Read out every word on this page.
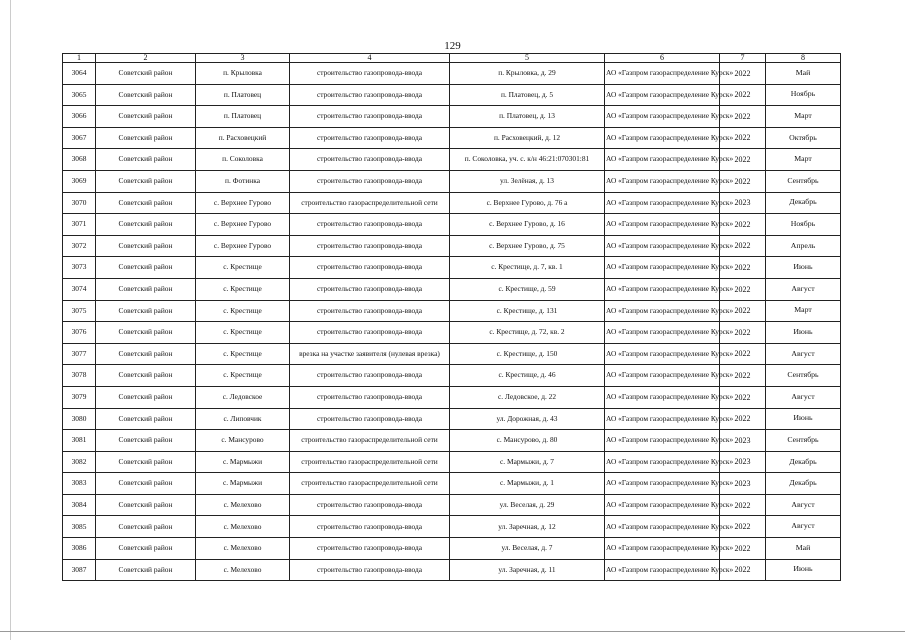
129
1	2	3	4	5	6	7	8
3064	Советский район	п. Крыловка	строительство газопровода-ввода	п. Крыловка, д. 29	АО «Газпром газораспределение Курск»	2022	Май
3065	Советский район	п. Платовец	строительство газопровода-ввода	п. Платовец, д. 5	АО «Газпром газораспределение Курск»	2022	Ноябрь
3066	Советский район	п. Платовец	строительство газопровода-ввода	п. Платовец, д. 13	АО «Газпром газораспределение Курск»	2022	Март
3067	Советский район	п. Расховецкий	строительство газопровода-ввода	п. Расховецкий, д. 12	АО «Газпром газораспределение Курск»	2022	Октябрь
3068	Советский район	п. Соколовка	строительство газопровода-ввода	п. Соколовка, уч. с. к/н 46:21:070301:81	АО «Газпром газораспределение Курск»	2022	Март
3069	Советский район	п. Фотинка	строительство газопровода-ввода	ул. Зелёная, д. 13	АО «Газпром газораспределение Курск»	2022	Сентябрь
3070	Советский район	с. Верхнее Гурово	строительство газораспределительной сети	с. Верхнее Гурово, д. 76 а	АО «Газпром газораспределение Курск»	2023	Декабрь
3071	Советский район	с. Верхнее Гурово	строительство газопровода-ввода	с. Верхнее Гурово, д. 16	АО «Газпром газораспределение Курск»	2022	Ноябрь
3072	Советский район	с. Верхнее Гурово	строительство газопровода-ввода	с. Верхнее Гурово, д. 75	АО «Газпром газораспределение Курск»	2022	Апрель
3073	Советский район	с. Крестище	строительство газопровода-ввода	с. Крестище, д. 7, кв. 1	АО «Газпром газораспределение Курск»	2022	Июнь
3074	Советский район	с. Крестище	строительство газопровода-ввода	с. Крестище, д. 59	АО «Газпром газораспределение Курск»	2022	Август
3075	Советский район	с. Крестище	строительство газопровода-ввода	с. Крестище, д. 131	АО «Газпром газораспределение Курск»	2022	Март
3076	Советский район	с. Крестище	строительство газопровода-ввода	с. Крестище, д. 72, кв. 2	АО «Газпром газораспределение Курск»	2022	Июнь
3077	Советский район	с. Крестище	врезка на участке заявителя (нулевая врезка)	с. Крестище, д. 150	АО «Газпром газораспределение Курск»	2022	Август
3078	Советский район	с. Крестище	строительство газопровода-ввода	с. Крестище, д. 46	АО «Газпром газораспределение Курск»	2022	Сентябрь
3079	Советский район	с. Ледовское	строительство газопровода-ввода	с. Ледовское, д. 22	АО «Газпром газораспределение Курск»	2022	Август
3080	Советский район	с. Липовчик	строительство газопровода-ввода	ул. Дорожная, д. 43	АО «Газпром газораспределение Курск»	2022	Июнь
3081	Советский район	с. Мансурово	строительство газораспределительной сети	с. Мансурово, д. 80	АО «Газпром газораспределение Курск»	2023	Сентябрь
3082	Советский район	с. Мармыжи	строительство газораспределительной сети	с. Мармыжи, д. 7	АО «Газпром газораспределение Курск»	2023	Декабрь
3083	Советский район	с. Мармыжи	строительство газораспределительной сети	с. Мармыжи, д. 1	АО «Газпром газораспределение Курск»	2023	Декабрь
3084	Советский район	с. Мелехово	строительство газопровода-ввода	ул. Веселая, д. 29	АО «Газпром газораспределение Курск»	2022	Август
3085	Советский район	с. Мелехово	строительство газопровода-ввода	ул. Заречная, д. 12	АО «Газпром газораспределение Курск»	2022	Август
3086	Советский район	с. Мелехово	строительство газопровода-ввода	ул. Веселая, д. 7	АО «Газпром газораспределение Курск»	2022	Май
3087	Советский район	с. Мелехово	строительство газопровода-ввода	ул. Заречная, д. 11	АО «Газпром газораспределение Курск»	2022	Июнь
